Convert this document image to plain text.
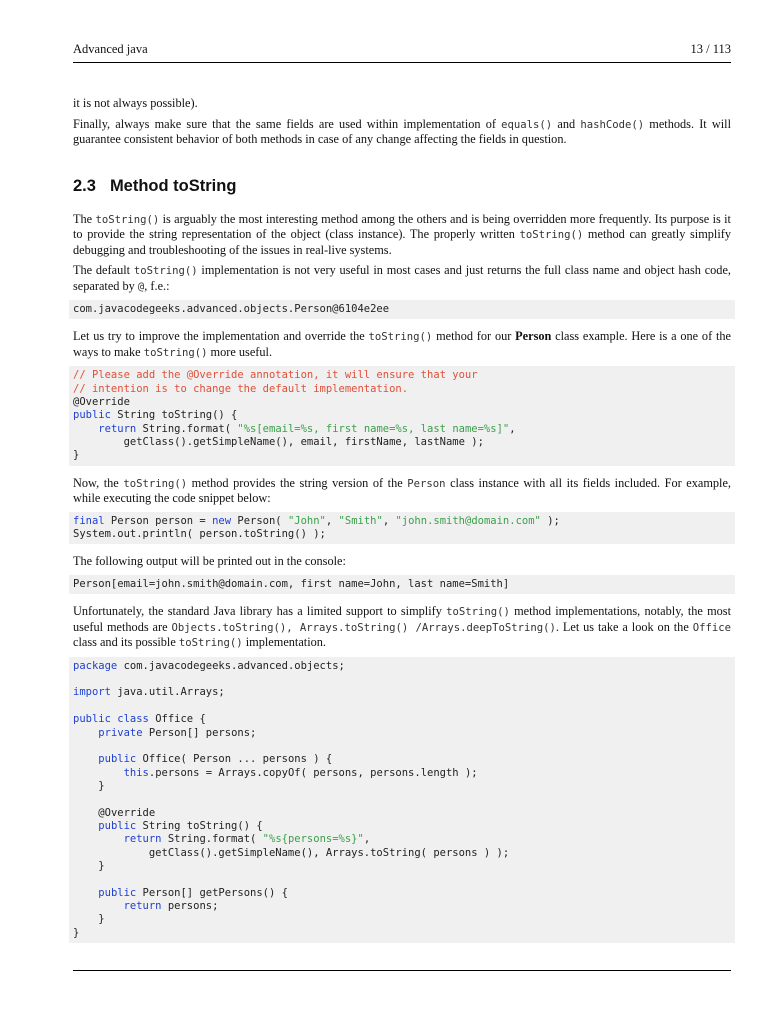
Advanced java	13 / 113

it is not always possible).

Finally, always make sure that the same fields are used within implementation of equals() and hashCode() methods. It will guarantee consistent behavior of both methods in case of any change affecting the fields in question.

2.3 Method toString

The toString() is arguably the most interesting method among the others and is being overridden more frequently. Its purpose is it to provide the string representation of the object (class instance). The properly written toString() method can greatly simplify debugging and troubleshooting of the issues in real-live systems.

The default toString() implementation is not very useful in most cases and just returns the full class name and object hash code, separated by @, f.e.:

com.javacodegeeks.advanced.objects.Person@6104e2ee

Let us try to improve the implementation and override the toString() method for our Person class example. Here is a one of the ways to make toString() more useful.

// Please add the @Override annotation, it will ensure that your
// intention is to change the default implementation.
@Override
public String toString() {
return String.format( "%s[email=%s, first name=%s, last name=%s]",
getClass().getSimpleName(), email, firstName, lastName );
}

Now, the toString() method provides the string version of the Person class instance with all its fields included. For example, while executing the code snippet below:

final Person person = new Person( "John", "Smith", "john.smith@domain.com" );
System.out.println( person.toString() );

The following output will be printed out in the console:

Person[email=john.smith@domain.com, first name=John, last name=Smith]

Unfortunately, the standard Java library has a limited support to simplify toString() method implementations, notably, the most useful methods are Objects.toString(), Arrays.toString() /Arrays.deepToString(). Let us take a look on the Office class and its possible toString() implementation.

package com.javacodegeeks.advanced.objects;

import java.util.Arrays;

public class Office {
private Person[] persons;

public Office( Person ... persons ) {
this.persons = Arrays.copyOf( persons, persons.length );
}

@Override
public String toString() {
return String.format( "%s{persons=%s}",
getClass().getSimpleName(), Arrays.toString( persons ) );
}

public Person[] getPersons() {
return persons;
}
}
